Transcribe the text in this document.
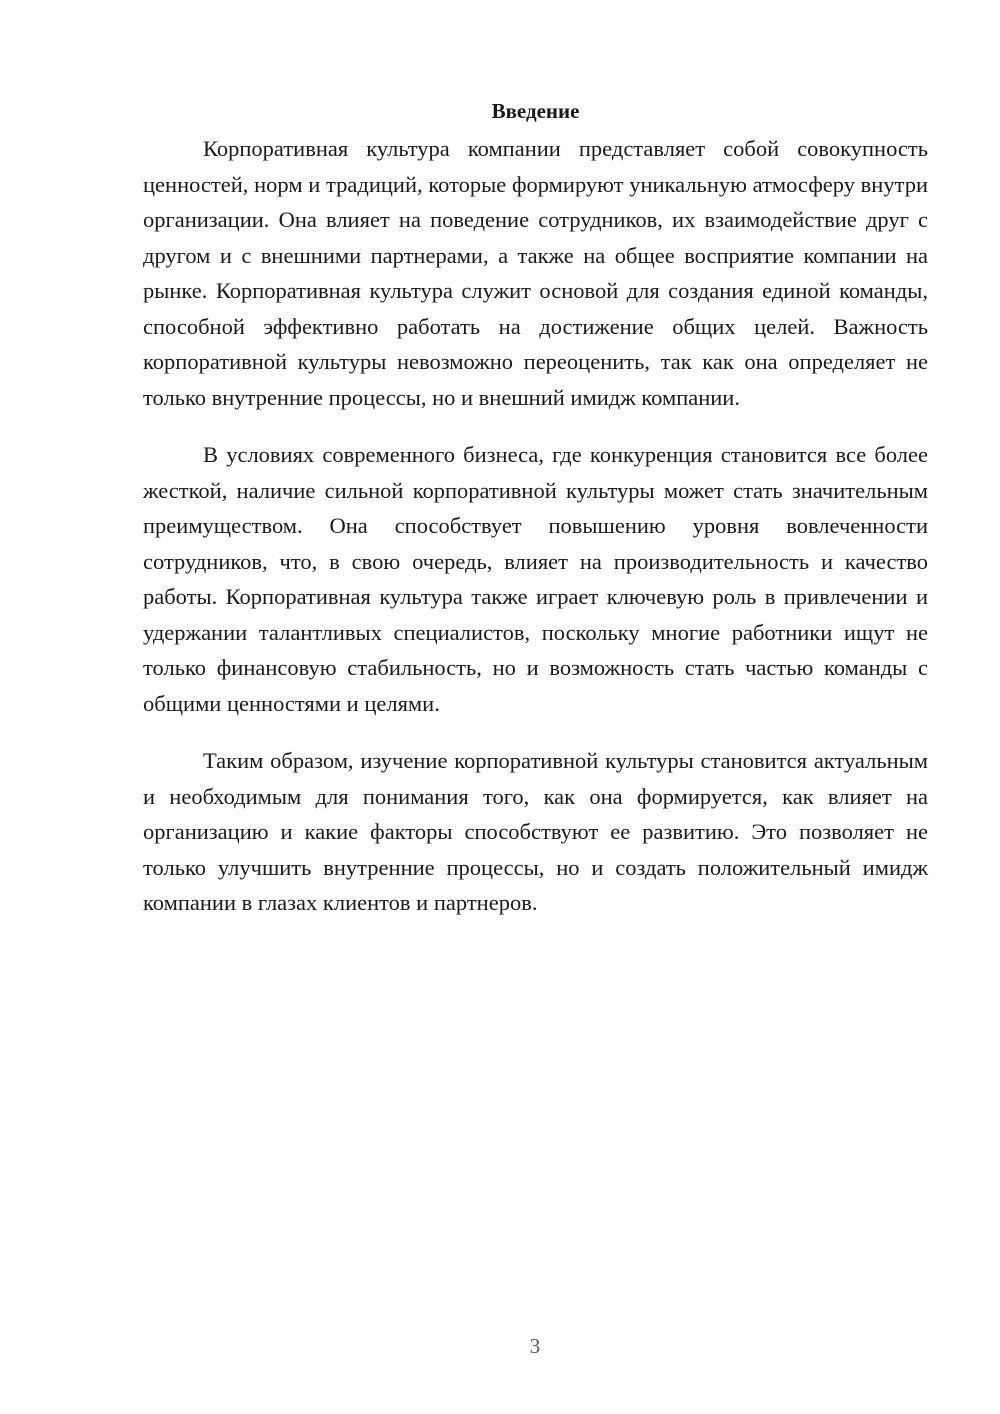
Введение

Корпоративная культура компании представляет собой совокупность ценностей, норм и традиций, которые формируют уникальную атмосферу внутри организации. Она влияет на поведение сотрудников, их взаимодействие друг с другом и с внешними партнерами, а также на общее восприятие компании на рынке. Корпоративная культура служит основой для создания единой команды, способной эффективно работать на достижение общих целей. Важность корпоративной культуры невозможно переоценить, так как она определяет не только внутренние процессы, но и внешний имидж компании.

В условиях современного бизнеса, где конкуренция становится все более жесткой, наличие сильной корпоративной культуры может стать значительным преимуществом. Она способствует повышению уровня вовлеченности сотрудников, что, в свою очередь, влияет на производительность и качество работы. Корпоративная культура также играет ключевую роль в привлечении и удержании талантливых специалистов, поскольку многие работники ищут не только финансовую стабильность, но и возможность стать частью команды с общими ценностями и целями.

Таким образом, изучение корпоративной культуры становится актуальным и необходимым для понимания того, как она формируется, как влияет на организацию и какие факторы способствуют ее развитию. Это позволяет не только улучшить внутренние процессы, но и создать положительный имидж компании в глазах клиентов и партнеров.

3
